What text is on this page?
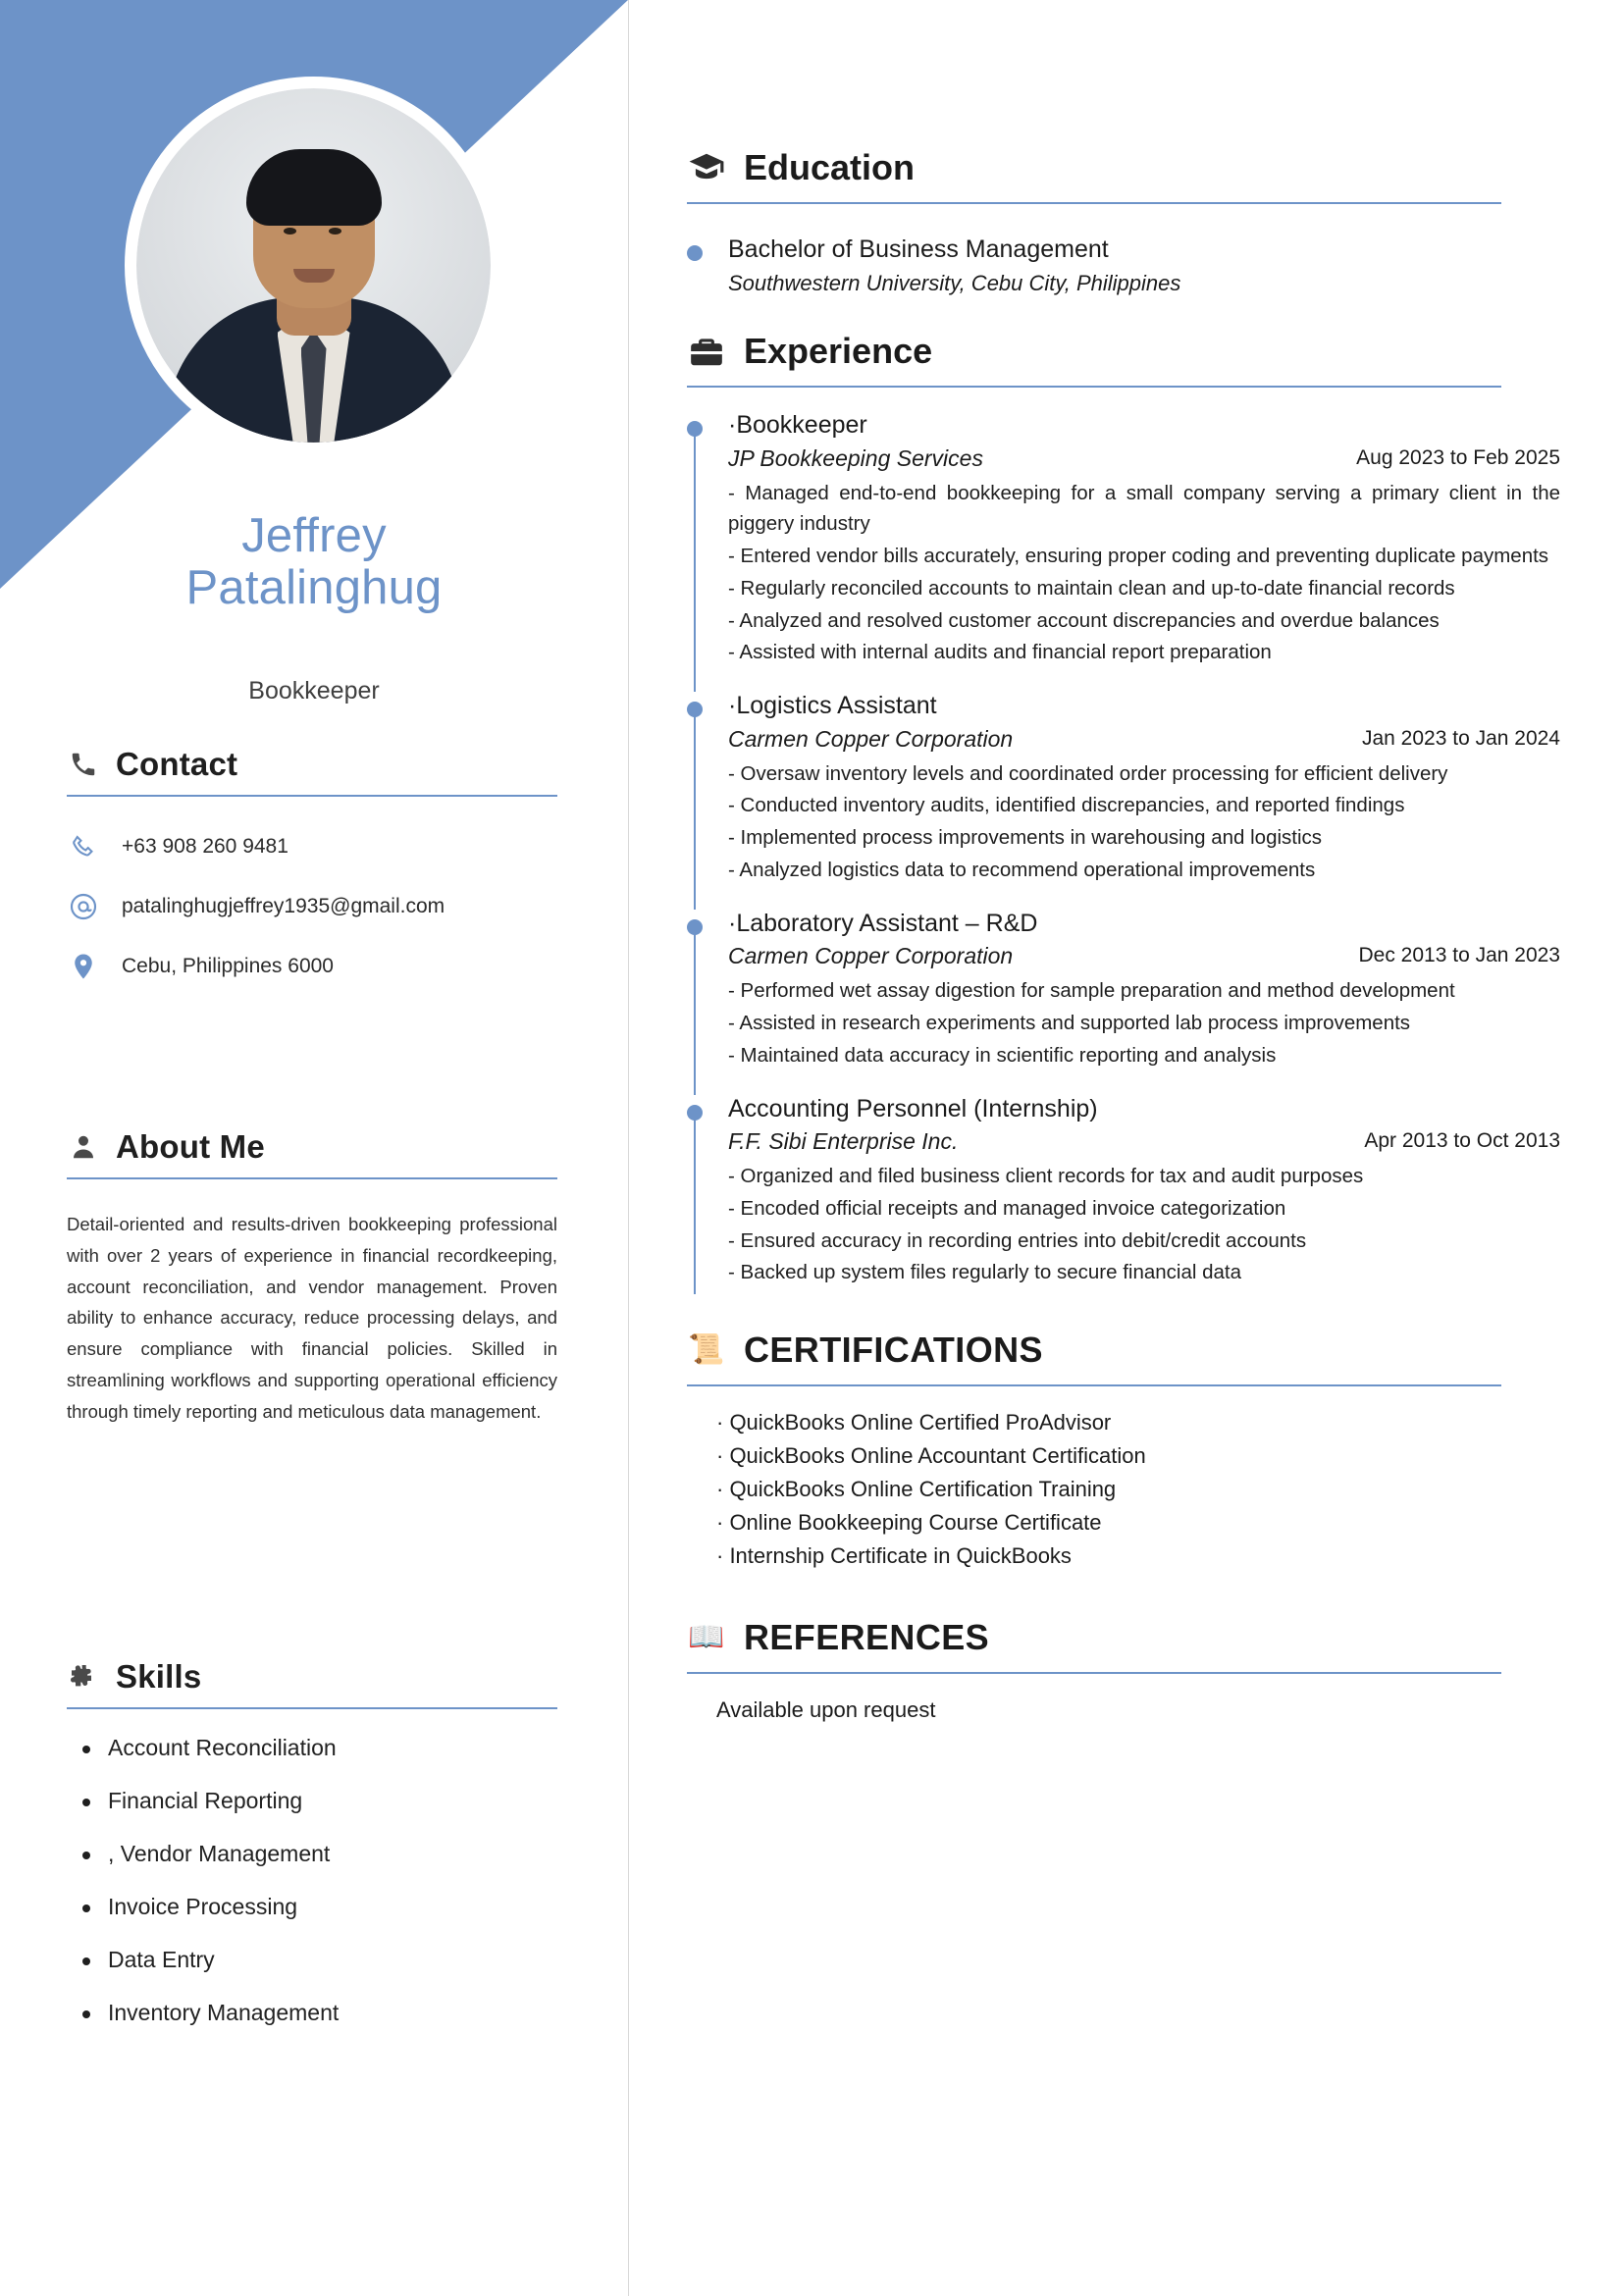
Jeffrey
Patalinghug
Bookkeeper
Contact
+63 908 260 9481
patalinghugjeffrey1935@gmail.com
Cebu, Philippines 6000
About Me
Detail-oriented and results-driven bookkeeping professional with over 2 years of experience in financial recordkeeping, account reconciliation, and vendor management. Proven ability to enhance accuracy, reduce processing delays, and ensure compliance with financial policies. Skilled in streamlining workflows and supporting operational efficiency through timely reporting and meticulous data management.
Skills
Account Reconciliation
Financial Reporting
, Vendor Management
Invoice Processing
Data Entry
Inventory Management
Education
Bachelor of Business Management
Southwestern University, Cebu City, Philippines
Experience
·Bookkeeper
JP Bookkeeping Services	Aug 2023 to Feb 2025
- Managed end-to-end bookkeeping for a small company serving a primary client in the piggery industry
- Entered vendor bills accurately, ensuring proper coding and preventing duplicate payments
- Regularly reconciled accounts to maintain clean and up-to-date financial records
- Analyzed and resolved customer account discrepancies and overdue balances
- Assisted with internal audits and financial report preparation
·Logistics Assistant
Carmen Copper Corporation	Jan 2023 to Jan 2024
- Oversaw inventory levels and coordinated order processing for efficient delivery
- Conducted inventory audits, identified discrepancies, and reported findings
- Implemented process improvements in warehousing and logistics
- Analyzed logistics data to recommend operational improvements
·Laboratory Assistant – R&D
Carmen Copper Corporation	Dec 2013 to Jan 2023
- Performed wet assay digestion for sample preparation and method development
- Assisted in research experiments and supported lab process improvements
- Maintained data accuracy in scientific reporting and analysis
Accounting Personnel (Internship)
F.F. Sibi Enterprise Inc.	Apr 2013 to Oct 2013
- Organized and filed business client records for tax and audit purposes
- Encoded official receipts and managed invoice categorization
- Ensured accuracy in recording entries into debit/credit accounts
- Backed up system files regularly to secure financial data
📜 CERTIFICATIONS
· QuickBooks Online Certified ProAdvisor
· QuickBooks Online Accountant Certification
· QuickBooks Online Certification Training
· Online Bookkeeping Course Certificate
· Internship Certificate in QuickBooks
📖 REFERENCES
Available upon request
